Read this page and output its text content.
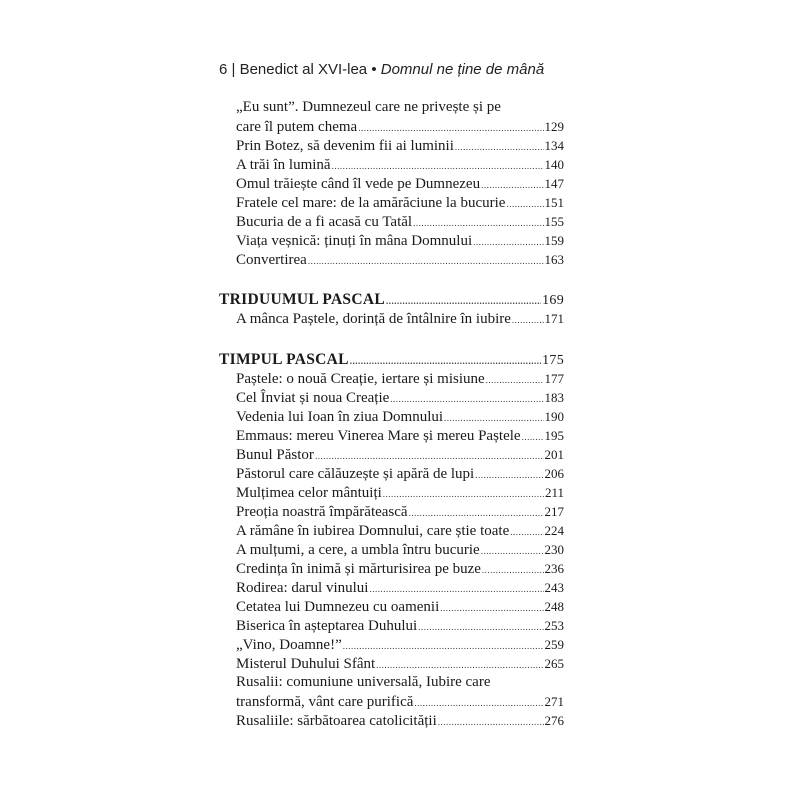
6 | Benedict al XVI-lea • Domnul ne ține de mână
„Eu sunt”. Dumnezeul care ne privește și pe
care îl putem chema .....	129
Prin Botez, să devenim fii ai luminii .....	134
A trăi în lumină .....	140
Omul trăiește când îl vede pe Dumnezeu .....	147
Fratele cel mare: de la amărăciune la bucurie .....	151
Bucuria de a fi acasă cu Tatăl .....	155
Viața veșnică: ținuți în mâna Domnului .....	159
Convertirea .....	163
TRIDUUMUL PASCAL .....	169
A mânca Paștele, dorință de întâlnire în iubire .....	171
TIMPUL PASCAL .....	175
Paștele: o nouă Creație, iertare și misiune .....	177
Cel Înviat și noua Creație .....	183
Vedenia lui Ioan în ziua Domnului .....	190
Emmaus: mereu Vinerea Mare și mereu Paștele ..... 195
Bunul Păstor .....	201
Păstorul care călăuzește și apără de lupi .....	206
Mulțimea celor mântuiți .....	211
Preoția noastră împărătească .....	217
A rămâne în iubirea Domnului, care știe toate .....	224
A mulțumi, a cere, a umbla întru bucurie .....	230
Credința în inimă și mărturisirea pe buze .....	236
Rodirea: darul vinului .....	243
Cetatea lui Dumnezeu cu oamenii .....	248
Biserica în așteptarea Duhului .....	253
„Vino, Doamne!” .....	259
Misterul Duhului Sfânt .....	265
Rusalii: comuniune universală, Iubire care
transformă, vânt care purifică .....	271
Rusaliile: sărbătoarea catolicității .....	276
